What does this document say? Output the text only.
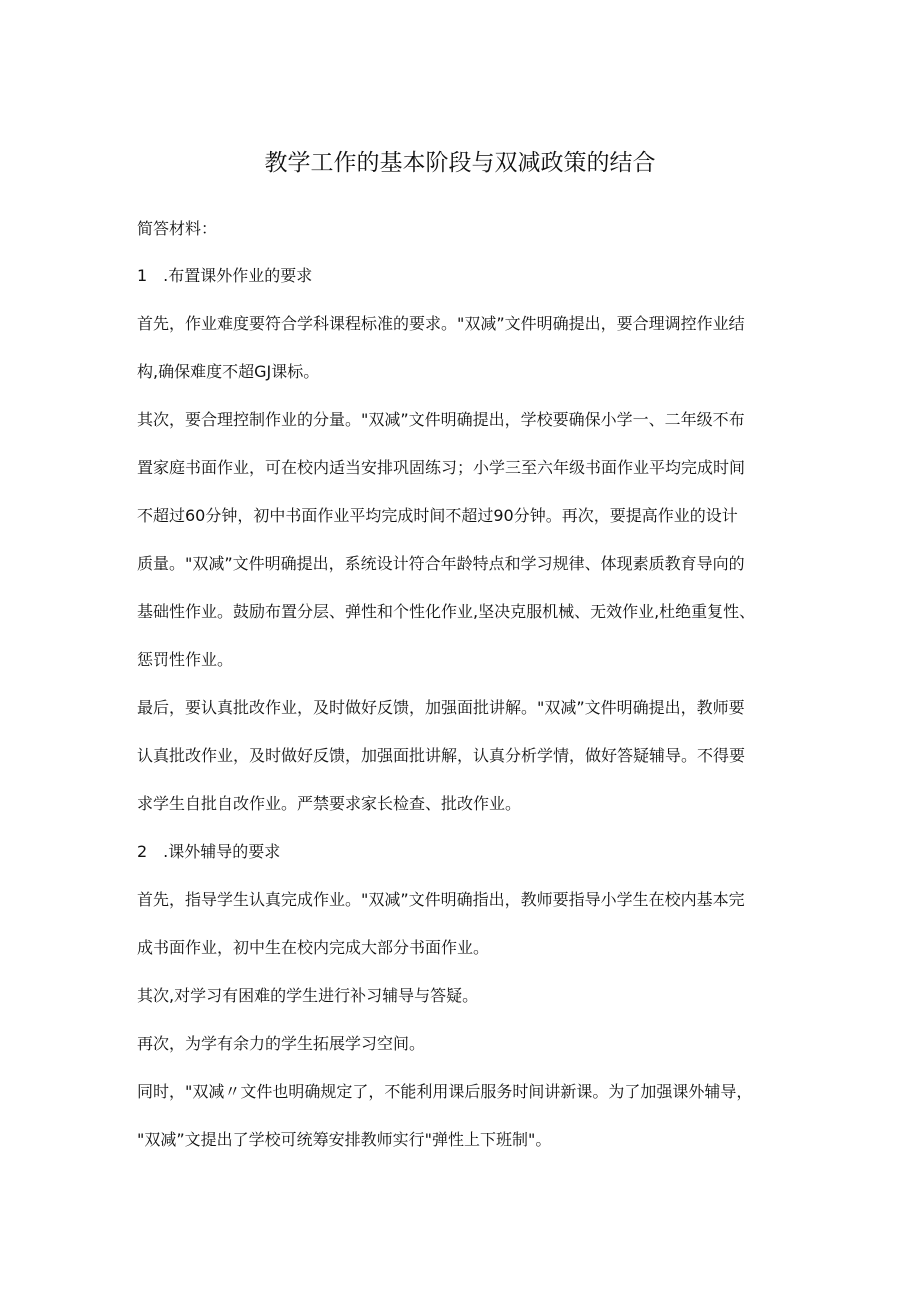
教学工作的基本阶段与双减政策的结合

简答材料：

1　.布置课外作业的要求

首先，作业难度要符合学科课程标准的要求。"双减”文件明确提出，要合理调控作业结

构,确保难度不超GJ课标。

其次，要合理控制作业的分量。"双减”文件明确提出，学校要确保小学一、二年级不布

置家庭书面作业，可在校内适当安排巩固练习；小学三至六年级书面作业平均完成时间

不超过60分钟，初中书面作业平均完成时间不超过90分钟。再次，要提高作业的设计

质量。"双减”文件明确提出，系统设计符合年龄特点和学习规律、体现素质教育导向的

基础性作业。鼓励布置分层、弹性和个性化作业,坚决克服机械、无效作业,杜绝重复性、

惩罚性作业。

最后，要认真批改作业，及时做好反馈，加强面批讲解。"双减”文件明确提出，教师要

认真批改作业，及时做好反馈，加强面批讲解，认真分析学情，做好答疑辅导。不得要

求学生自批自改作业。严禁要求家长检查、批改作业。

2　.课外辅导的要求

首先，指导学生认真完成作业。"双减”文件明确指出，教师要指导小学生在校内基本完

成书面作业，初中生在校内完成大部分书面作业。

其次,对学习有困难的学生进行补习辅导与答疑。

再次，为学有余力的学生拓展学习空间。

同时，"双减〃文件也明确规定了，不能利用课后服务时间讲新课。为了加强课外辅导，

"双减”文提出了学校可统筹安排教师实行"弹性上下班制"。
